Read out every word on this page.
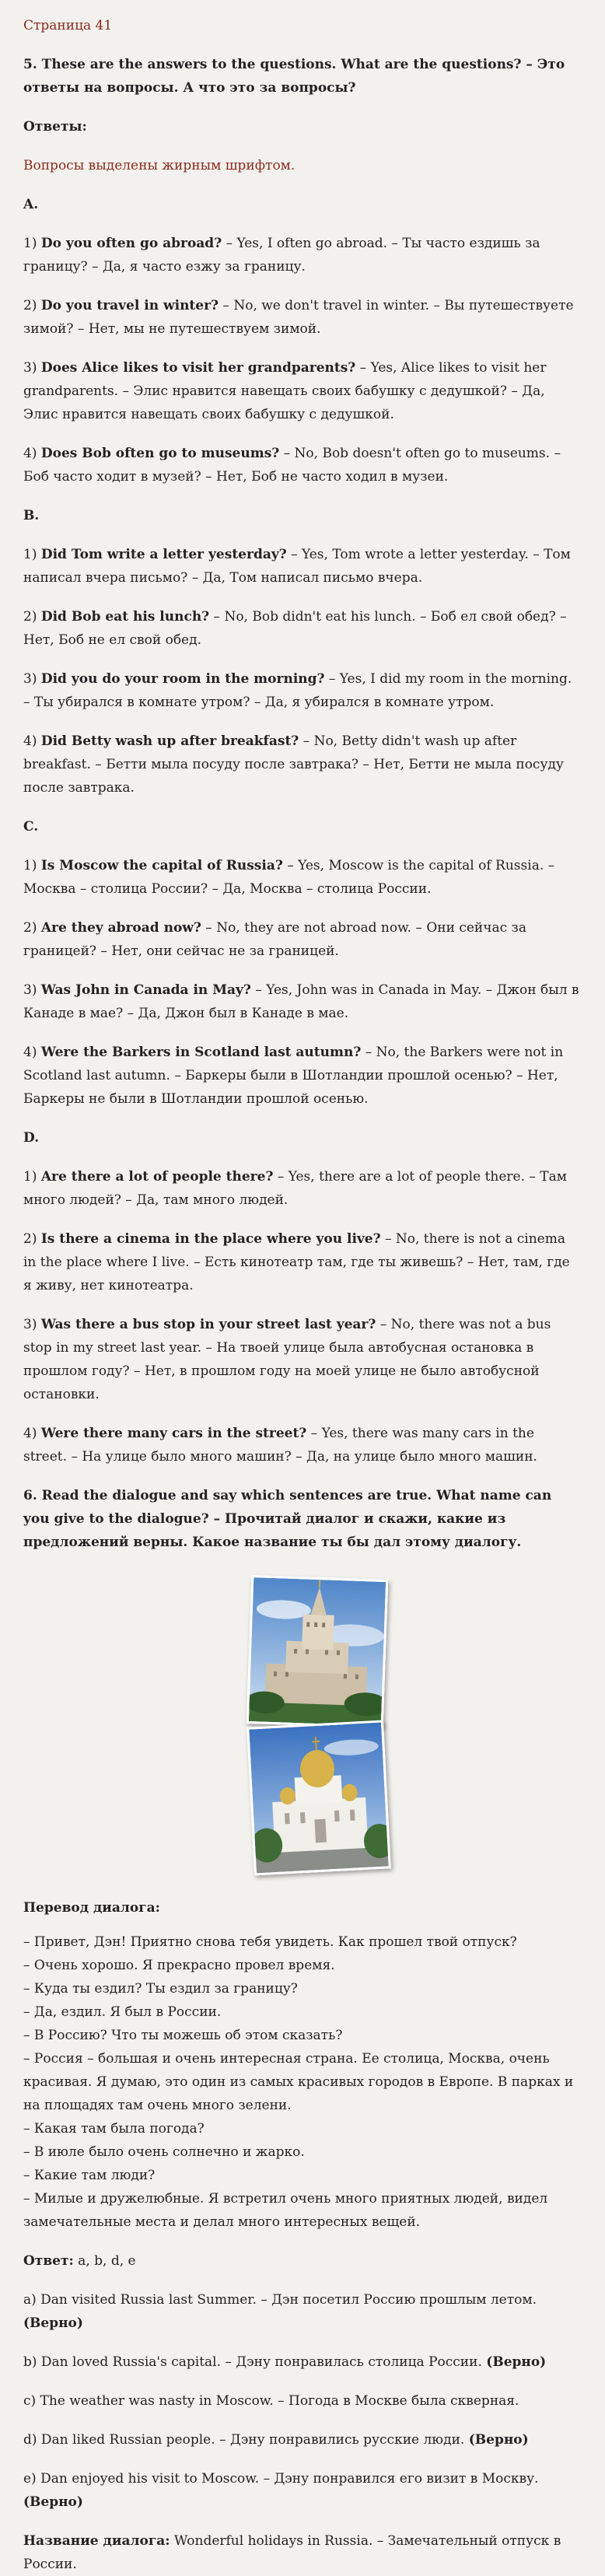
Страница 41
5. These are the answers to the questions. What are the questions? – Это ответы на вопросы. А что это за вопросы?
Ответы:
Вопросы выделены жирным шрифтом.
A.
1) Do you often go abroad? – Yes, I often go abroad. – Ты часто ездишь за границу? – Да, я часто езжу за границу.
2) Do you travel in winter? – No, we don't travel in winter. – Вы путешествуете зимой? – Нет, мы не путешествуем зимой.
3) Does Alice likes to visit her grandparents? – Yes, Alice likes to visit her grandparents. – Элис нравится навещать своих бабушку с дедушкой? – Да, Элис нравится навещать своих бабушку с дедушкой.
4) Does Bob often go to museums? – No, Bob doesn't often go to museums. – Боб часто ходит в музей? – Нет, Боб не часто ходил в музеи.
B.
1) Did Tom write a letter yesterday? – Yes, Tom wrote a letter yesterday. – Том написал вчера письмо? – Да, Том написал письмо вчера.
2) Did Bob eat his lunch? – No, Bob didn't eat his lunch. – Боб ел свой обед? – Нет, Боб не ел свой обед.
3) Did you do your room in the morning? – Yes, I did my room in the morning. – Ты убирался в комнате утром? – Да, я убирался в комнате утром.
4) Did Betty wash up after breakfast? – No, Betty didn't wash up after breakfast. – Бетти мыла посуду после завтрака? – Нет, Бетти не мыла посуду после завтрака.
C.
1) Is Moscow the capital of Russia? – Yes, Moscow is the capital of Russia. – Москва – столица России? – Да, Москва – столица России.
2) Are they abroad now? – No, they are not abroad now. – Они сейчас за границей? – Нет, они сейчас не за границей.
3) Was John in Canada in May? – Yes, John was in Canada in May. – Джон был в Канаде в мае? – Да, Джон был в Канаде в мае.
4) Were the Barkers in Scotland last autumn? – No, the Barkers were not in Scotland last autumn. – Баркеры были в Шотландии прошлой осенью? – Нет, Баркеры не были в Шотландии прошлой осенью.
D.
1) Are there a lot of people there? – Yes, there are a lot of people there. – Там много людей? – Да, там много людей.
2) Is there a cinema in the place where you live? – No, there is not a cinema in the place where I live. – Есть кинотеатр там, где ты живешь? – Нет, там, где я живу, нет кинотеатра.
3) Was there a bus stop in your street last year? – No, there was not a bus stop in my street last year. – На твоей улице была автобусная остановка в прошлом году? – Нет, в прошлом году на моей улице не было автобусной остановки.
4) Were there many cars in the street? – Yes, there was many cars in the street. – На улице было много машин? – Да, на улице было много машин.
6. Read the dialogue and say which sentences are true. What name can you give to the dialogue? – Прочитай диалог и скажи, какие из предложений верны. Какое название ты бы дал этому диалогу.
Перевод диалога:
– Привет, Дэн! Приятно снова тебя увидеть. Как прошел твой отпуск?
– Очень хорошо. Я прекрасно провел время.
– Куда ты ездил? Ты ездил за границу?
– Да, ездил. Я был в России.
– В Россию? Что ты можешь об этом сказать?
– Россия – большая и очень интересная страна. Ее столица, Москва, очень красивая. Я думаю, это один из самых красивых городов в Европе. В парках и на площадях там очень много зелени.
– Какая там была погода?
– В июле было очень солнечно и жарко.
– Какие там люди?
– Милые и дружелюбные. Я встретил очень много приятных людей, видел замечательные места и делал много интересных вещей.
Ответ: a, b, d, e
a) Dan visited Russia last Summer. – Дэн посетил Россию прошлым летом. (Верно)
b) Dan loved Russia's capital. – Дэну понравилась столица России. (Верно)
c) The weather was nasty in Moscow. – Погода в Москве была скверная.
d) Dan liked Russian people. – Дэну понравились русские люди. (Верно)
e) Dan enjoyed his visit to Moscow. – Дэну понравился его визит в Москву. (Верно)
Название диалога: Wonderful holidays in Russia. – Замечательный отпуск в России.
